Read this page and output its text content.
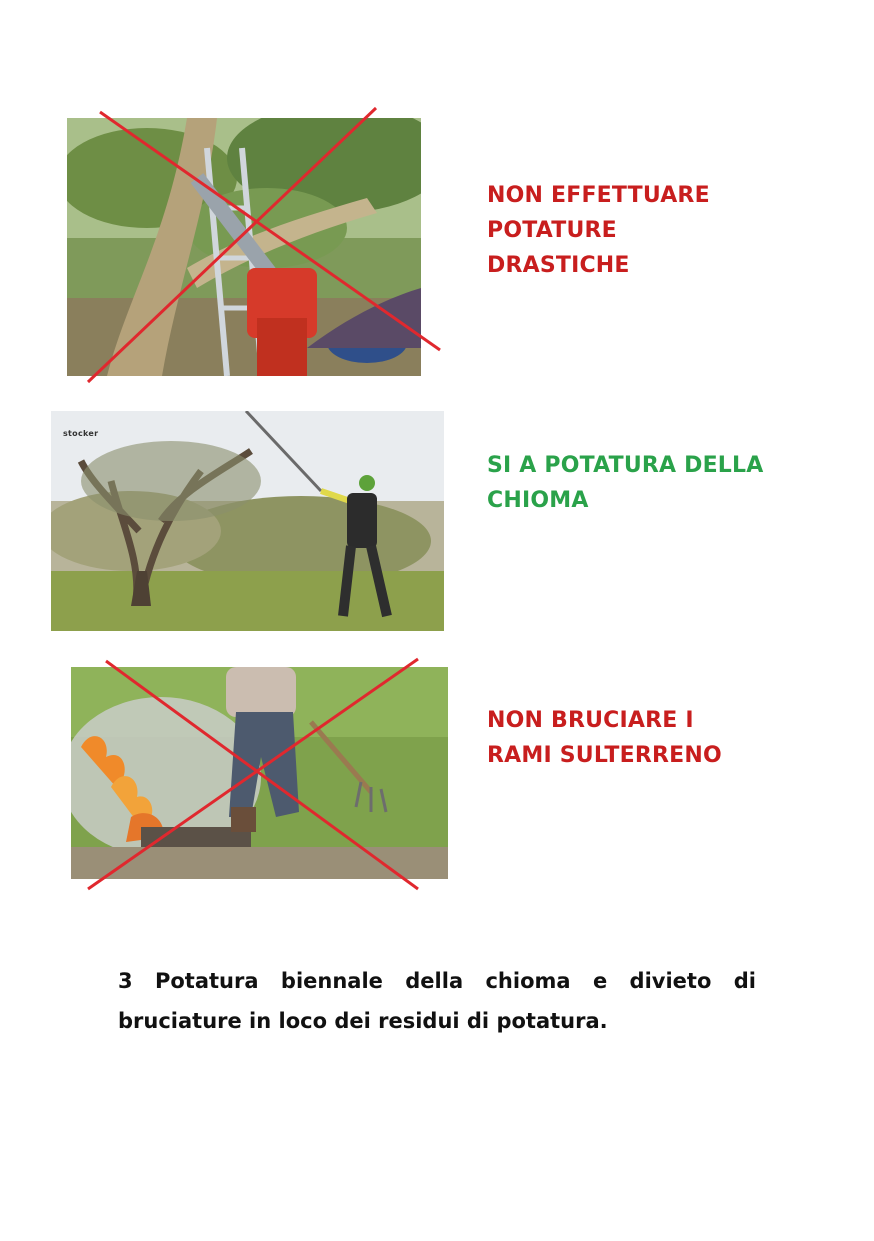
NON EFFETTUARE
POTATURE
DRASTICHE
stocker
SI A POTATURA DELLA
CHIOMA
NON BRUCIARE I
RAMI SULTERRENO
3 Potatura biennale della chioma e divieto di
bruciature in loco dei residui di potatura.
